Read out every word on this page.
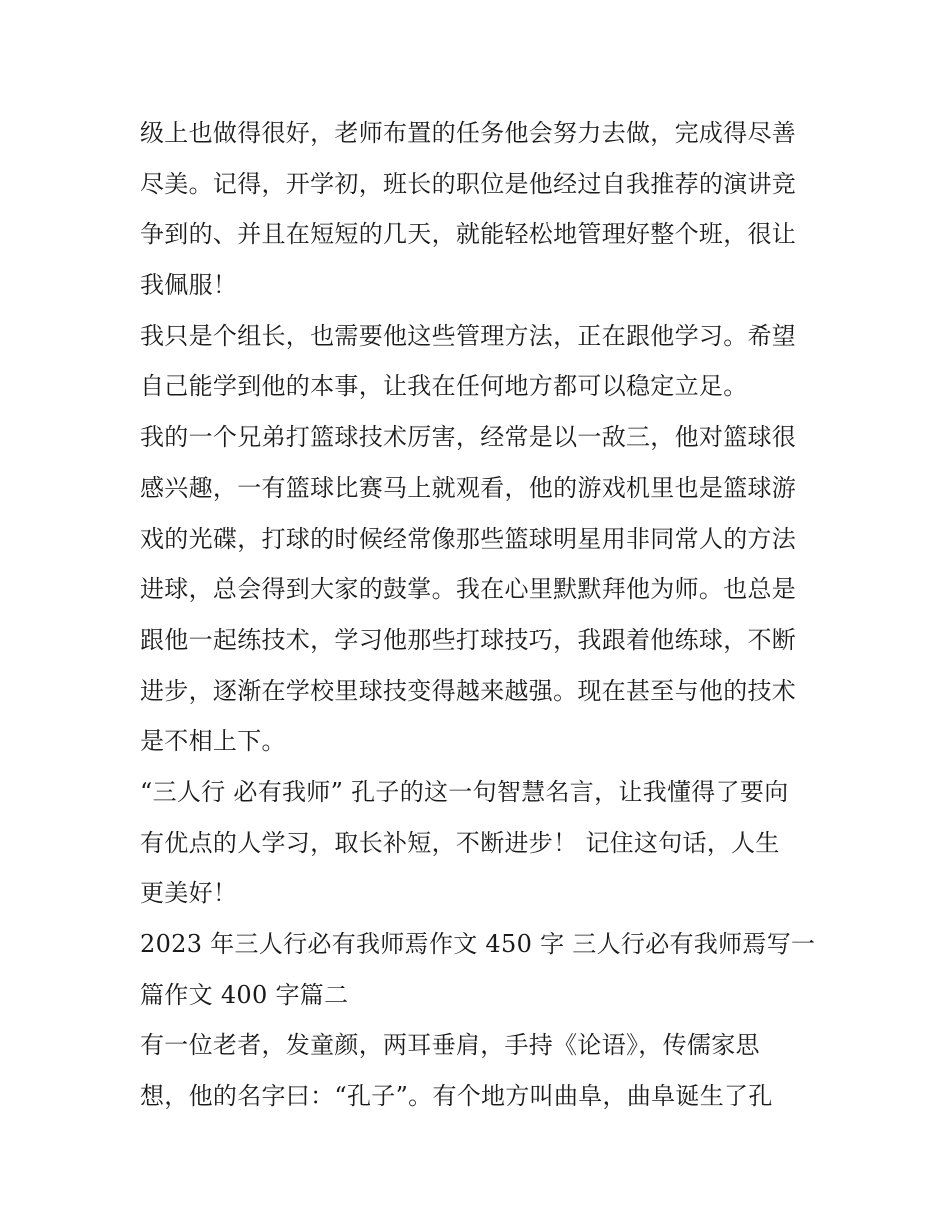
级上也做得很好，老师布置的任务他会努力去做，完成得尽善
尽美。记得，开学初，班长的职位是他经过自我推荐的演讲竞
争到的、并且在短短的几天，就能轻松地管理好整个班，很让
我佩服！

我只是个组长，也需要他这些管理方法，正在跟他学习。希望
自己能学到他的本事，让我在任何地方都可以稳定立足。

我的一个兄弟打篮球技术厉害，经常是以一敌三，他对篮球很
感兴趣，一有篮球比赛马上就观看，他的游戏机里也是篮球游
戏的光碟，打球的时候经常像那些篮球明星用非同常人的方法
进球，总会得到大家的鼓掌。我在心里默默拜他为师。也总是
跟他一起练技术，学习他那些打球技巧，我跟着他练球，不断
进步，逐渐在学校里球技变得越来越强。现在甚至与他的技术
是不相上下。

“三人行 必有我师” 孔子的这一句智慧名言，让我懂得了要向
有优点的人学习，取长补短，不断进步！ 记住这句话，人生
更美好！

2023 年三人行必有我师焉作文 450 字 三人行必有我师焉写一
篇作文 400 字篇二

有一位老者，发童颜，两耳垂肩，手持《论语》，传儒家思
想，他的名字曰：“孔子”。有个地方叫曲阜，曲阜诞生了孔
